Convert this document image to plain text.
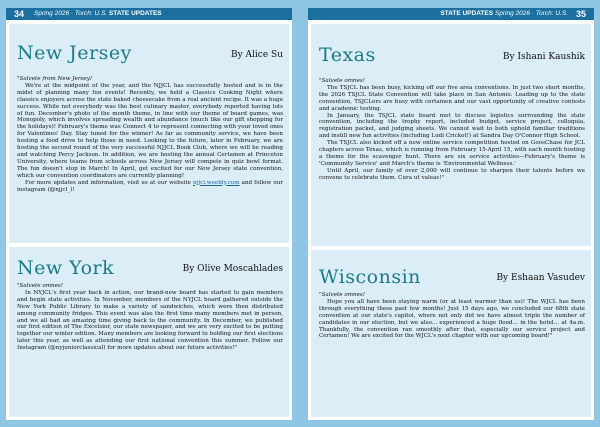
34 Spring 2026 · Torch: U.S. STATE UPDATES
New Jersey	By Alice Su

"Salvete from New Jersey!

We're at the midpoint of the year, and the NJJCL has successfully hosted and is in the midst of planning many fun events! Recently, we held a Classics Cooking Night where classics enjoyers across the state baked cheesecake from a real ancient recipe. It was a huge success. While not everybody was the best culinary master, everybody reported having lots of fun. December's photo of the month theme, in line with our theme of board games, was Monopoly, which involves spreading wealth and abundance (much like our gift shopping for the holidays)! February's theme was Connect 4 to represent connecting with your loved ones for Valentines' Day. Stay tuned for the winner! As far as community service, we have been hosting a food drive to help those in need. Looking to the future, later in February, we are hosting the second round of the very successful NJJCL Book Club, where we will be reading and watching Percy Jackson. In addition, we are hosting the annual Certamen at Princeton University, where teams from schools across New Jersey will compete in quiz bowl format. The fun doesn't stop in March! In April, get excited for our New Jersey state convention, which our convention coordinators are currently planning!

For more updates and information, visit us at our website njjcl.weebly.com and follow our instagram (@njjcl_)!

New York	By Olive Moscahlades

"Salvete omnes!

In NYJCL's first year back in action, our brand-new board has started to gain members and begin state activities. In November, members of the NYJCL board gathered outside the New York Public Library to make a variety of sandwiches, which were then distributed among community fridges. This event was also the first time many members met in person, and we all had an amazing time giving back to the community. In December, we published our first edition of The Excelsior, our state newspaper, and we are very excited to be putting together our winter edition. Many members are looking forward to holding our first elections later this year, as well as attending our first national convention this summer. Follow our Instagram (@nyjuniorclassical) for more updates about our future activities!"

STATE UPDATES Spring 2026 · Torch: U.S. 35
Texas	By Ishani Kaushik

"Salvete omnes!

The TSJCL has been busy, kicking off our five area conventions. In just two short months, the 2026 TSJCL State Convention will take place in San Antonio. Leading up to the state convention, TSJCLers are busy with certamen and our vast opportunity of creative contests and academic testing.

In January, the TSJCL state board met to discuss logistics surrounding the state convention, including the trophy report, included budget, service project, colloquia, registration packet, and judging sheets. We cannot wait to both uphold familiar traditions and instill new fun activities (including Ludi Cricket!) at Sandra Day O'Connor High School.

The TSJCL also kicked off a new online service competition hosted on GoosChase for JCL chapters across Texas, which is running from February 15-April 15, with each month hosting a theme for the scavenger hunt. There are six service activities—February's theme is 'Community Service' and March's theme is 'Environmental Wellness.'

Until April, our family of over 2,000 will continue to sharpen their talents before we convene to celebrate them. Cura ut valeas!"

Wisconsin	By Eshaan Vasudev

"Salvete omnes!

Hope you all have been staying warm (or at least warmer than us)! The WJCL has been through everything these past few months! Just 15 days ago, we concluded our 68th state convention at our state's capitol, where not only did we have almost triple the number of candidates in our election, but we also... experienced a huge flood... in the hotel... at 4a.m. Thankfully, the convention ran smoothly after that, especially our service project and Certamen! We are excited for the WJCL's next chapter with our upcoming board!"
